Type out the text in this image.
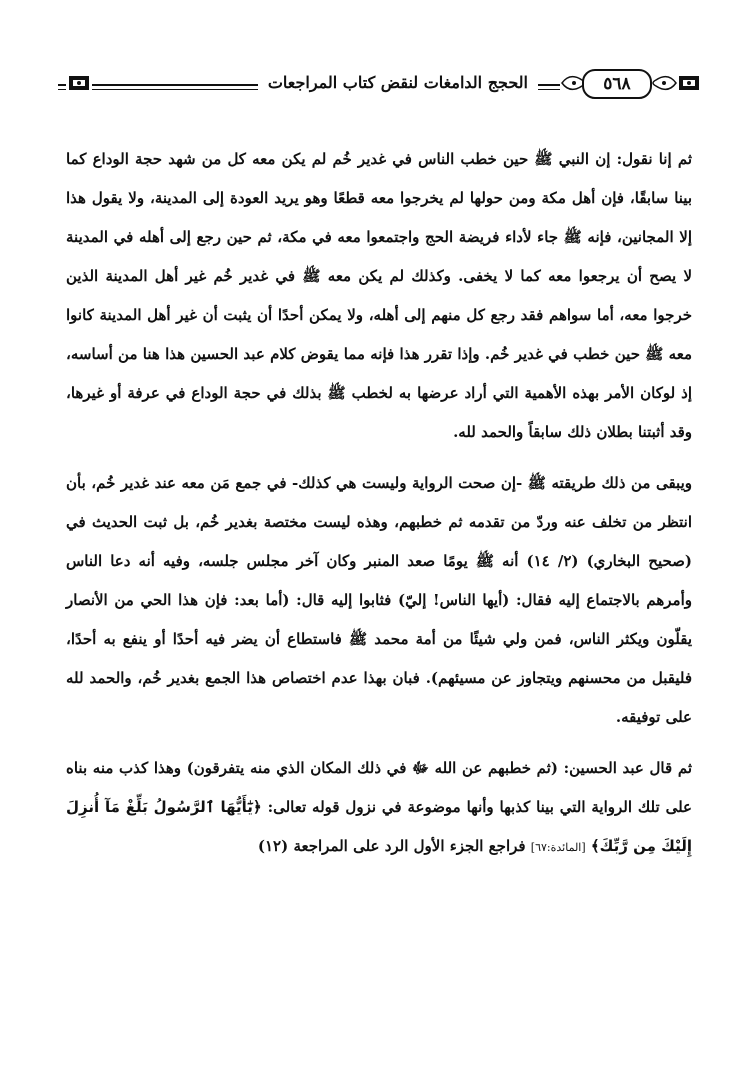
٥٦٨
الحجج الدامغات لنقض كتاب المراجعات

ثم إنا نقول: إن النبي ﷺ حين خطب الناس في غدير خُم لم يكن معه كل من شهد حجة الوداع كما بينا سابقًا، فإن أهل مكة ومن حولها لم يخرجوا معه قطعًا وهو يريد العودة إلى المدينة، ولا يقول هذا إلا المجانين، فإنه ﷺ جاء لأداء فريضة الحج واجتمعوا معه في مكة، ثم حين رجع إلى أهله في المدينة لا يصح أن يرجعوا معه كما لا يخفى. وكذلك لم يكن معه ﷺ في غدير خُم غير أهل المدينة الذين خرجوا معه، أما سواهم فقد رجع كل منهم إلى أهله، ولا يمكن أحدًا أن يثبت أن غير أهل المدينة كانوا معه ﷺ حين خطب في غدير خُم. وإذا تقرر هذا فإنه مما يقوض كلام عبد الحسين هذا هنا من أساسه، إذ لوكان الأمر بهذه الأهمية التي أراد عرضها به لخطب ﷺ بذلك في حجة الوداع في عرفة أو غيرها، وقد أثبتنا بطلان ذلك سابقاً والحمد لله.

ويبقى من ذلك طريقته ﷺ -إن صحت الرواية وليست هي كذلك- في جمع مَن معه عند غدير خُم، بأن انتظر من تخلف عنه وردّ من تقدمه ثم خطبهم، وهذه ليست مختصة بغدير خُم، بل ثبت الحديث في (صحيح البخاري) (٢/ ١٤) أنه ﷺ يومًا صعد المنبر وكان آخر مجلس جلسه، وفيه أنه دعا الناس وأمرهم بالاجتماع إليه فقال: (أيها الناس! إليّ) فثابوا إليه قال: (أما بعد: فإن هذا الحي من الأنصار يقلّون ويكثر الناس، فمن ولي شيئًا من أمة محمد ﷺ فاستطاع أن يضر فيه أحدًا أو ينفع به أحدًا، فليقبل من محسنهم ويتجاوز عن مسيئهم). فبان بهذا عدم اختصاص هذا الجمع بغدير خُم، والحمد لله على توفيقه.

ثم قال عبد الحسين: (ثم خطبهم عن الله ﷻ في ذلك المكان الذي منه يتفرقون) وهذا كذب منه بناه على تلك الرواية التي بينا كذبها وأنها موضوعة في نزول قوله تعالى: ﴿يَٰٓأَيُّهَا ٱلرَّسُولُ بَلِّغْ مَآ أُنزِلَ إِلَيْكَ مِن رَّبِّكَ﴾ [المائدة:٦٧] فراجع الجزء الأول الرد على المراجعة (١٢)
